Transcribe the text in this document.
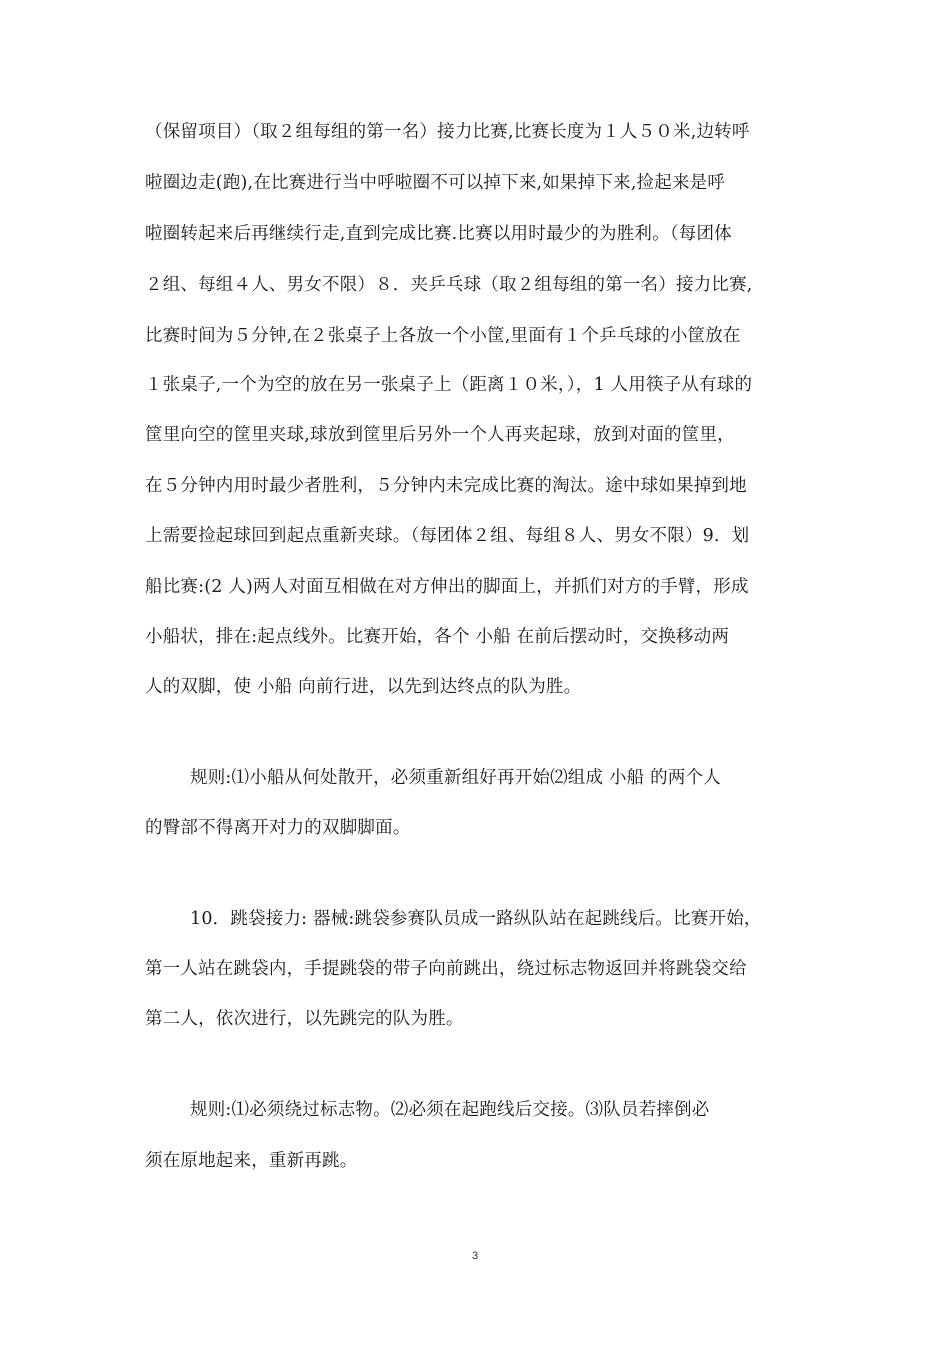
（保留项目）（取２组每组的第一名）接力比赛,比赛长度为１人５０米,边转呼
啦圈边走(跑),在比赛进行当中呼啦圈不可以掉下来,如果掉下来,捡起来是呼
啦圈转起来后再继续行走,直到完成比赛.比赛以用时最少的为胜利。（每团体
２组、每组４人、男女不限）８．夹乒乓球（取２组每组的第一名）接力比赛,
比赛时间为５分钟,在２张桌子上各放一个小筐,里面有１个乒乓球的小筐放在
１张桌子,一个为空的放在另一张桌子上（距离１０米，），1 人用筷子从有球的
筐里向空的筐里夹球,球放到筐里后另外一个人再夹起球，放到对面的筐里，
在５分钟内用时最少者胜利，５分钟内未完成比赛的淘汰。途中球如果掉到地
上需要捡起球回到起点重新夹球。（每团体２组、每组８人、男女不限）9．划
船比赛:(2 人)两人对面互相做在对方伸出的脚面上，并抓们对方的手臂，形成
小船状，排在:起点线外。比赛开始，各个 小船 在前后摆动时，交换移动两
人的双脚，使 小船 向前行进，以先到达终点的队为胜。
规则:⑴小船从何处散开，必须重新组好再开始⑵组成 小船 的两个人
的臀部不得离开对力的双脚脚面。
10．跳袋接力: 器械:跳袋参赛队员成一路纵队站在起跳线后。比赛开始，
第一人站在跳袋内，手提跳袋的带子向前跳出，绕过标志物返回并将跳袋交给
第二人，依次进行，以先跳完的队为胜。
规则:⑴必须绕过标志物。⑵必须在起跑线后交接。⑶队员若摔倒必
须在原地起来，重新再跳。
3
